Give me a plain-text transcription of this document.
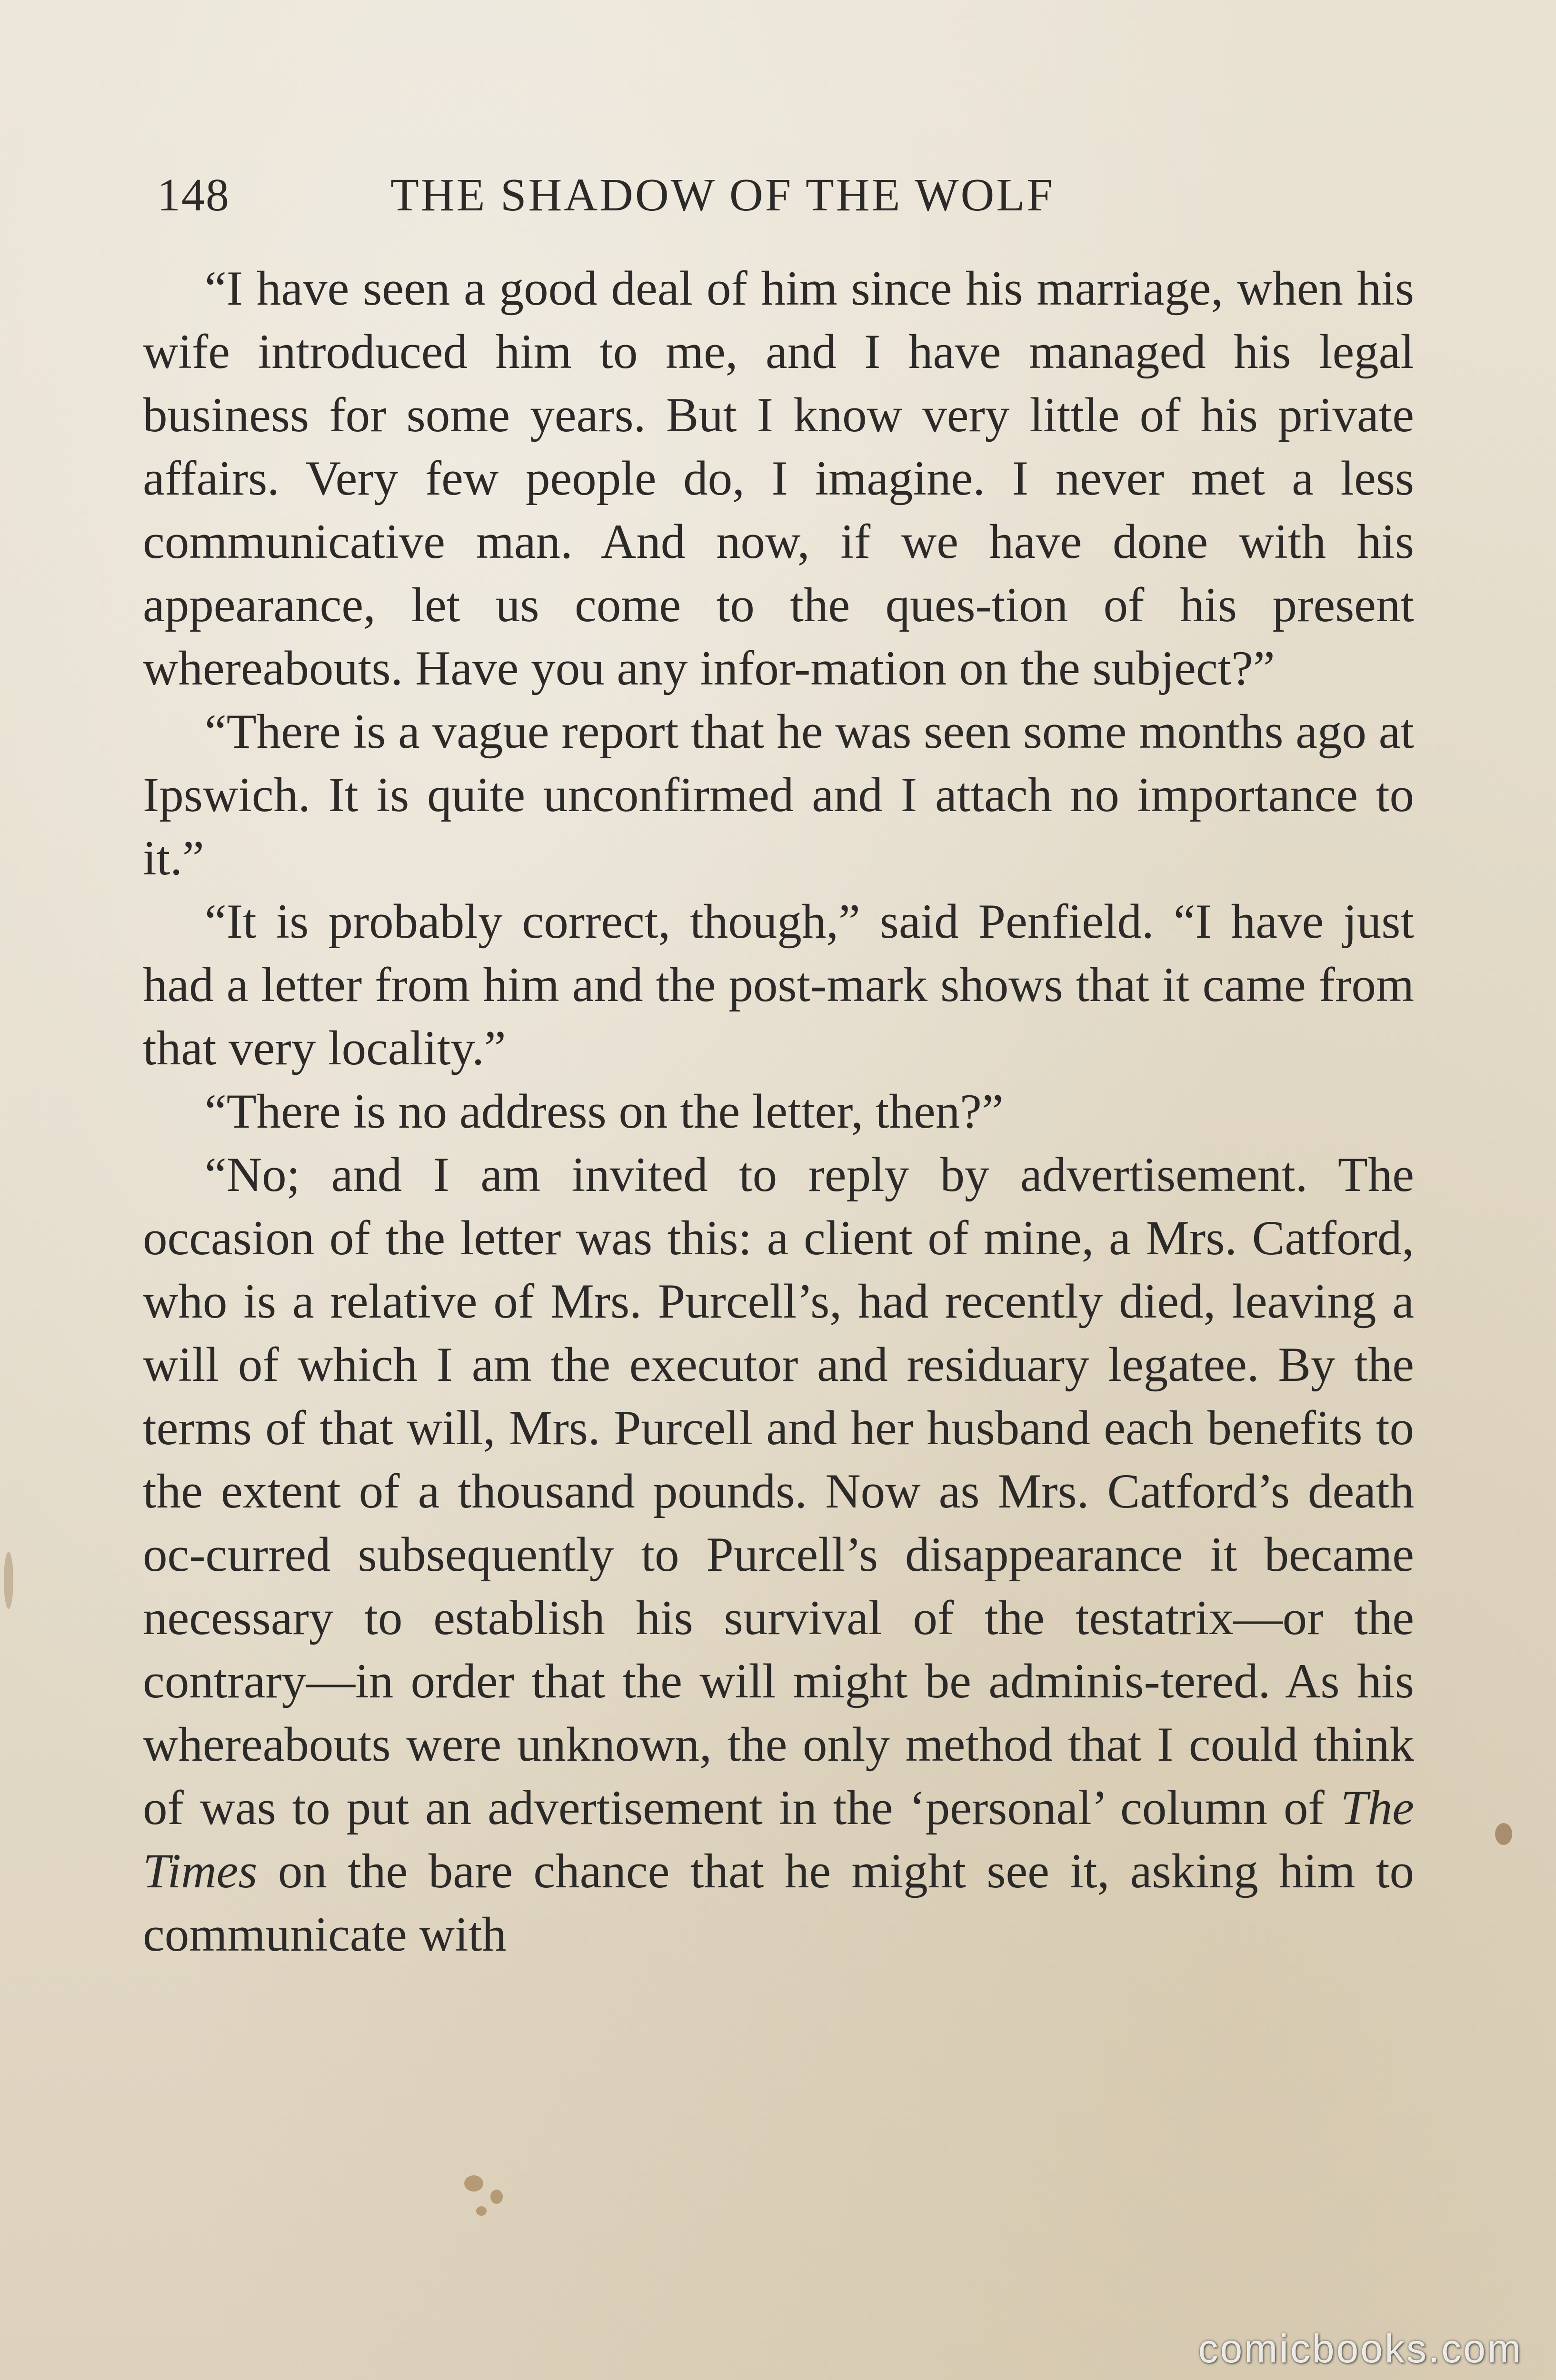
148	THE SHADOW OF THE WOLF

“I have seen a good deal of him since his marriage, when his wife introduced him to me, and I have managed his legal business for some years. But I know very little of his private affairs. Very few people do, I imagine. I never met a less communicative man. And now, if we have done with his appearance, let us come to the ques-tion of his present whereabouts. Have you any infor-mation on the subject?”

“There is a vague report that he was seen some months ago at Ipswich. It is quite unconfirmed and I attach no importance to it.”

“It is probably correct, though,” said Penfield. “I have just had a letter from him and the post-mark shows that it came from that very locality.”

“There is no address on the letter, then?”

“No; and I am invited to reply by advertisement. The occasion of the letter was this: a client of mine, a Mrs. Catford, who is a relative of Mrs. Purcell’s, had recently died, leaving a will of which I am the executor and residuary legatee. By the terms of that will, Mrs. Purcell and her husband each benefits to the extent of a thousand pounds. Now as Mrs. Catford’s death oc-curred subsequently to Purcell’s disappearance it became necessary to establish his survival of the testatrix—or the contrary—in order that the will might be adminis-tered. As his whereabouts were unknown, the only method that I could think of was to put an advertisement in the ‘personal’ column of The Times on the bare chance that he might see it, asking him to communicate with

comicbooks.com
